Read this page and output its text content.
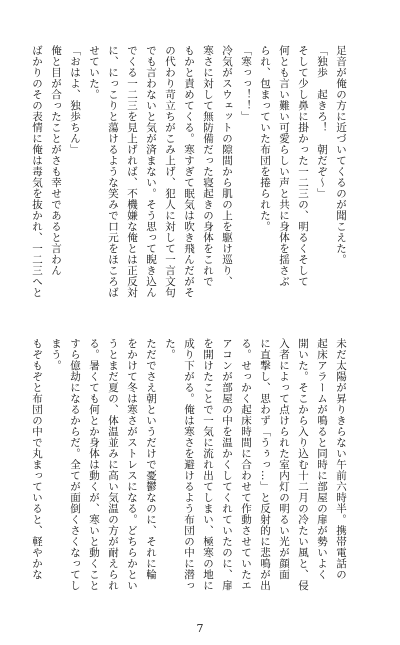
足音が俺の方に近づいてくるのが聞こえた。

「独歩　起きろ！　朝だぞ〜」

そして少し鼻に掛かった一二三の、明るくそして

何とも言い難い可愛らしい声と共に身体を揺さぶ

られ、包まっていた布団を捲られた。

「寒っっ！！」

冷気がスウェットの隙間から肌の上を駆け巡り、

寒さに対して無防備だった寝起きの身体をこれで

もかと責めてくる。寒すぎて眠気は吹き飛んだがそ

の代わり苛立ちがこみ上げ、犯人に対して一言文句

でも言わないと気が済まない。そう思って睨き込ん

でくる一二三を見上げれば、不機嫌な俺とは正反対

に、にっこりと蕩けるような笑みで口元をほころば

せていた。

「おはよ、独歩ちん」

俺と目が合ったことがさも幸せであると言わん

ばかりのその表情に俺は毒気を抜かれ、一二三へと

未だ太陽が昇りきらない午前六時半。携帯電話の

起床アラームが鳴ると同時に部屋の扉が勢いよく

開いた。そこから入り込む十二月の冷たい風と、侵

入者によって点けられた室内灯の明るい光が顔面

に直撃し、思わず「うぅっ…」と反射的に悲鳴が出

る。せっかく起床時間に合わせて作動させていたエ

アコンが部屋の中を温かくしてくれていたのに、扉

を開けたことで一気に流れ出てしまい、極寒の地に

成り下がる。俺は寒さを避けるよう布団の中に潜っ

た。

ただでさえ朝というだけで憂鬱なのに、それに輪

をかけて冬は寒さがストレスになる。どちらかとい

うとまだ夏の、体温並みに高い気温の方が耐えられ

る。暑くても何とか身体は動くが、寒いと動くこと

すら億劫になるからだ。全てが面倒くさくなってし

まう。

もぞもぞと布団の中で丸まっていると、軽やかな

7
